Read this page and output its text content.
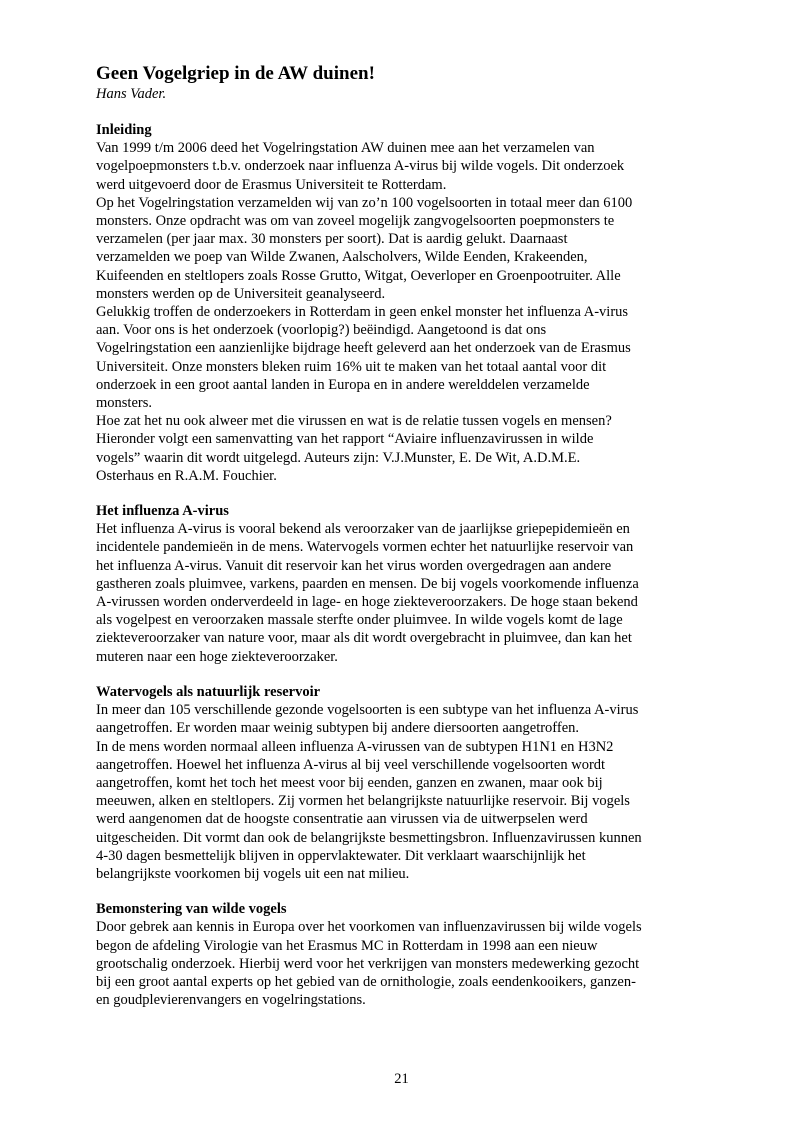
Geen Vogelgriep in de AW duinen!
Hans Vader.
Inleiding

Van 1999 t/m 2006 deed het Vogelringstation AW duinen mee aan het verzamelen van
vogelpoepmonsters t.b.v. onderzoek naar influenza A-virus bij wilde vogels. Dit onderzoek
werd uitgevoerd door de Erasmus Universiteit te Rotterdam.
Op het Vogelringstation verzamelden wij van zo’n 100 vogelsoorten in totaal meer dan 6100
monsters. Onze opdracht was om van zoveel mogelijk zangvogelsoorten poepmonsters te
verzamelen (per jaar max. 30 monsters per soort). Dat is aardig gelukt. Daarnaast
verzamelden we poep van Wilde Zwanen, Aalscholvers, Wilde Eenden, Krakeenden,
Kuifeenden en steltlopers zoals Rosse Grutto, Witgat, Oeverloper en Groenpootruiter. Alle
monsters werden op de Universiteit geanalyseerd.
Gelukkig troffen de onderzoekers in Rotterdam in geen enkel monster het influenza A-virus
aan. Voor ons is het onderzoek (voorlopig?) beëindigd. Aangetoond is dat ons
Vogelringstation een aanzienlijke bijdrage heeft geleverd aan het onderzoek van de Erasmus
Universiteit. Onze monsters bleken ruim 16% uit te maken van het totaal aantal voor dit
onderzoek in een groot aantal landen in Europa en in andere werelddelen verzamelde
monsters.
Hoe zat het nu ook alweer met die virussen en wat is de relatie tussen vogels en mensen?
Hieronder volgt een samenvatting van het rapport “Aviaire influenzavirussen in wilde
vogels” waarin dit wordt uitgelegd. Auteurs zijn: V.J.Munster, E. De Wit, A.D.M.E.
Osterhaus en R.A.M. Fouchier.

Het influenza A-virus

Het influenza A-virus is vooral bekend als veroorzaker van de jaarlijkse griepepidemieën en
incidentele pandemieën in de mens. Watervogels vormen echter het natuurlijke reservoir van
het influenza A-virus. Vanuit dit reservoir kan het virus worden overgedragen aan andere
gastheren zoals pluimvee, varkens, paarden en mensen. De bij vogels voorkomende influenza
A-virussen worden onderverdeeld in lage- en hoge ziekteveroorzakers. De hoge staan bekend
als vogelpest en veroorzaken massale sterfte onder pluimvee. In wilde vogels komt de lage
ziekteveroorzaker van nature voor, maar als dit wordt overgebracht in pluimvee, dan kan het
muteren naar een hoge ziekteveroorzaker.

Watervogels als natuurlijk reservoir

In meer dan 105 verschillende gezonde vogelsoorten is een subtype van het influenza A-virus
aangetroffen. Er worden maar weinig subtypen bij andere diersoorten aangetroffen.
In de mens worden normaal alleen influenza A-virussen van de subtypen H1N1 en H3N2
aangetroffen. Hoewel het influenza A-virus al bij veel verschillende vogelsoorten wordt
aangetroffen, komt het toch het meest voor bij eenden, ganzen en zwanen, maar ook bij
meeuwen, alken en steltlopers. Zij vormen het belangrijkste natuurlijke reservoir. Bij vogels
werd aangenomen dat de hoogste consentratie aan virussen via de uitwerpselen werd
uitgescheiden. Dit vormt dan ook de belangrijkste besmettingsbron. Influenzavirussen kunnen
4-30 dagen besmettelijk blijven in oppervlaktewater. Dit verklaart waarschijnlijk het
belangrijkste voorkomen bij vogels uit een nat milieu.

Bemonstering van wilde vogels

Door gebrek aan kennis in Europa over het voorkomen van influenzavirussen bij wilde vogels
begon de afdeling Virologie van het Erasmus MC in Rotterdam in 1998 aan een nieuw
grootschalig onderzoek. Hierbij werd voor het verkrijgen van monsters medewerking gezocht
bij een groot aantal experts op het gebied van de ornithologie, zoals eendenkooikers, ganzen-
en goudplevierenvangers en vogelringstations.

21
